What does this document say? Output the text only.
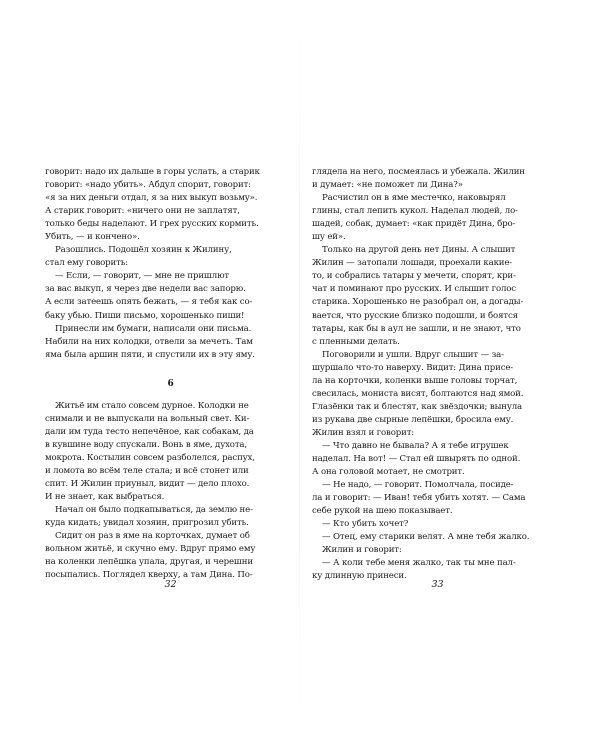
говорит: надо их дальше в горы услать, а старик

говорит: «надо убить». Абдул спорит, говорит:

«я за них деньги отдал, я за них выкуп возьму».

А старик говорит: «ничего они не заплатят,

только беды наделают. И грех русских кормить.

Убить, — и кончено».

Разошлись. Подошёл хозяин к Жилину,

стал ему говорить:

— Если, — говорит, — мне не пришлют

за вас выкуп, я через две недели вас запорю.

А если затеешь опять бежать, — я тебя как со-

баку убью. Пиши письмо, хорошенько пиши!

Принесли им бумаги, написали они письма.

Набили на них колодки, отвели за мечеть. Там

яма была аршин пяти, и спустили их в эту яму.

6

Житьё им стало совсем дурное. Колодки не

снимали и не выпускали на вольный свет. Ки-

дали им туда тесто непечёное, как собакам, да

в кувшине воду спускали. Вонь в яме, духота,

мокрота. Костылин совсем разболелся, распух,

и ломота во всём теле стала; и всё стонет или

спит. И Жилин приуныл, видит — дело плохо.

И не знает, как выбраться.

Начал он было подкапываться, да землю не-

куда кидать; увидал хозяин, пригрозил убить.

Сидит он раз в яме на корточках, думает об

вольном житьё, и скучно ему. Вдруг прямо ему

на коленки лепёшка упала, другая, и черешни

посыпались. Поглядел кверху, а там Дина. По-

32

глядела на него, посмеялась и убежала. Жилин

и думает: «не поможет ли Дина?»

Расчистил он в яме местечко, наковырял

глины, стал лепить кукол. Наделал людей, ло-

шадей, собак, думает: «как придёт Дина, бро-

шу ей».

Только на другой день нет Дины. А слышит

Жилин — затопали лошади, проехали какие-

то, и собрались татары у мечети, спорят, кри-

чат и поминают про русских. И слышит голос

старика. Хорошенько не разобрал он, а догады-

вается, что русские близко подошли, и боятся

татары, как бы в аул не зашли, и не знают, что

с пленными делать.

Поговорили и ушли. Вдруг слышит — за-

шуршало что-то наверху. Видит: Дина присе-

ла на корточки, коленки выше головы торчат,

свесилась, мониста висят, болтаются над ямой.

Глазёнки так и блестят, как звёздочки; вынула

из рукава две сырные лепёшки, бросила ему.

Жилин взял и говорит:

— Что давно не бывала? А я тебе игрушек

наделал. На вот! — Стал ей швырять по одной.

А она головой мотает, не смотрит.

— Не надо, — говорит. Помолчала, посиде-

ла и говорит: — Иван! тебя убить хотят. — Сама

себе рукой на шею показывает.

— Кто убить хочет?

— Отец, ему старики велят. А мне тебя жалко.

Жилин и говорит:

— А коли тебе меня жалко, так ты мне пал-

ку длинную принеси.

33
